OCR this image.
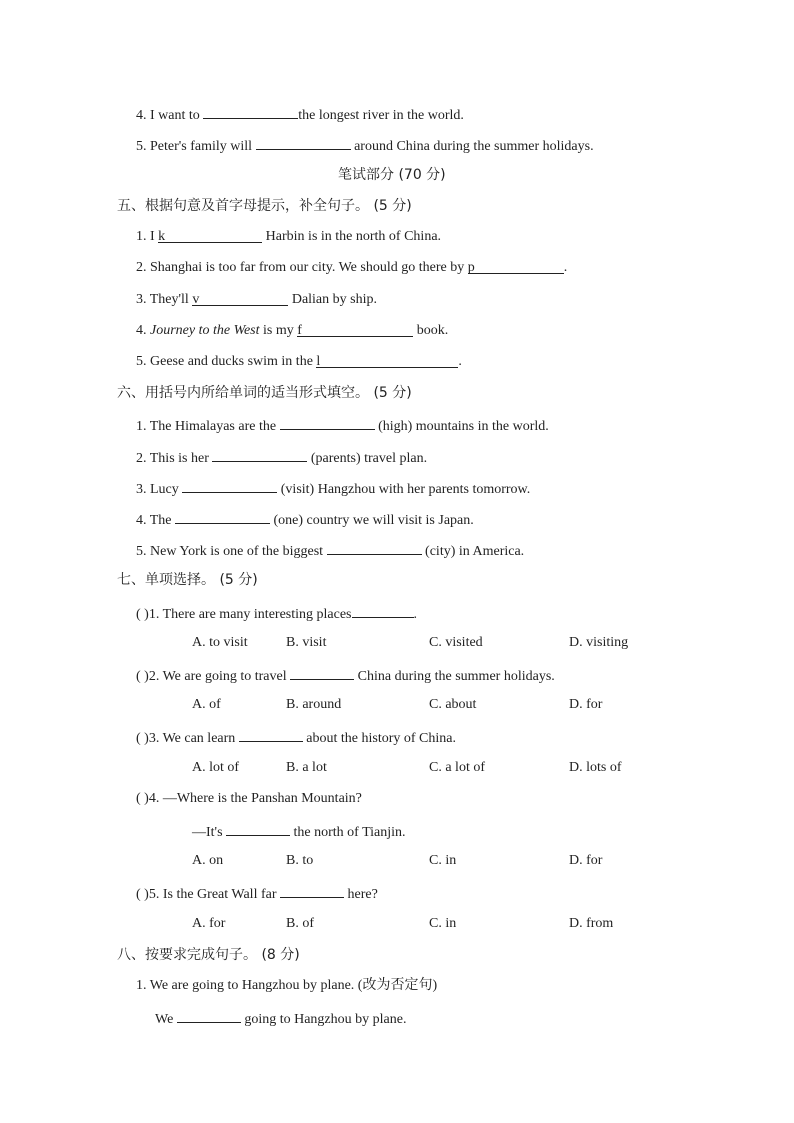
4. I want to	the longest river in the world.
5. Peter's family will	around China during the summer holidays.
笔试部分 (70 分)
五、根据句意及首字母提示，补全句子。 (5 分)
1. I k	Harbin is in the north of China.
2. Shanghai is too far from our city. We should go there by p	.
3. They'll v	Dalian by ship.
4. Journey to the West is my f	book.
5. Geese and ducks swim in the l	.
六、用括号内所给单词的适当形式填空。 (5 分)
1. The Himalayas are the	(high) mountains in the world.
2. This is her	(parents) travel plan.
3. Lucy	(visit) Hangzhou with her parents tomorrow.
4. The	(one) country we will visit is Japan.
5. New York is one of the biggest	(city) in America.
七、单项选择。 (5 分)
( )1. There are many interesting places	.
A. to visit	B. visit	C. visited	D. visiting
( )2. We are going to travel	China during the summer holidays.
A. of	B. around	C. about	D. for
( )3. We can learn	about the history of China.
A. lot of	B. a lot	C. a lot of	D. lots of
( )4. —Where is the Panshan Mountain?
—It's	the north of Tianjin.
A. on	B. to	C. in	D. for
( )5. Is the Great Wall far	here?
A. for	B. of	C. in	D. from
八、按要求完成句子。 (8 分)
1. We are going to Hangzhou by plane. (改为否定句)
We	going to Hangzhou by plane.
